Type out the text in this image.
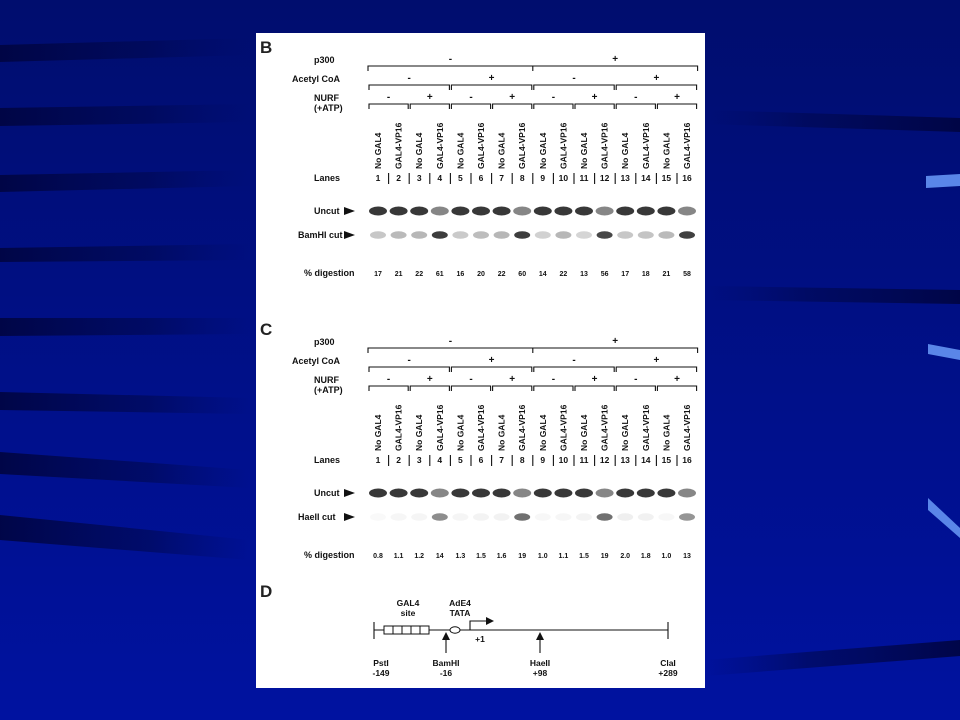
B
p300	-	+
Acetyl CoA	-	+	-	+
NURF
(+ATP)
-	+	-	+	-	+	-	+
No GAL4 GAL4-VP16 No GAL4 GAL4-VP16 No GAL4 GAL4-VP16 No GAL4 GAL4-VP16 No GAL4 GAL4-VP16 No GAL4 GAL4-VP16 No GAL4 GAL4-VP16 No GAL4 GAL4-VP16
Lanes	1 2 3 4 5 6 7 8 9 10 11 12 13 14 15 16
Uncut
BamHI cut
% digestion	17 21 22 61 16 20 22 60 14 22 13 56 17 18 21 58
C
p300	-	+
Acetyl CoA	-	+	-	+
NURF
(+ATP)
-	+	-	+	-	+	-	+
No GAL4 GAL4-VP16 No GAL4 GAL4-VP16 No GAL4 GAL4-VP16 No GAL4 GAL4-VP16 No GAL4 GAL4-VP16 No GAL4 GAL4-VP16 No GAL4 GAL4-VP16 No GAL4 GAL4-VP16
Lanes	1 2 3 4 5 6 7 8 9 10 11 12 13 14 15 16
Uncut
HaeII cut
% digestion	0.8 1.1 1.2 14 1.3 1.5 1.6 19 1.0 1.1 1.5 19 2.0 1.8 1.0 13
D
GAL4
site
AdE4
TATA
+1
PstI
-149
BamHI
-16
HaeII
+98
ClaI
+289
